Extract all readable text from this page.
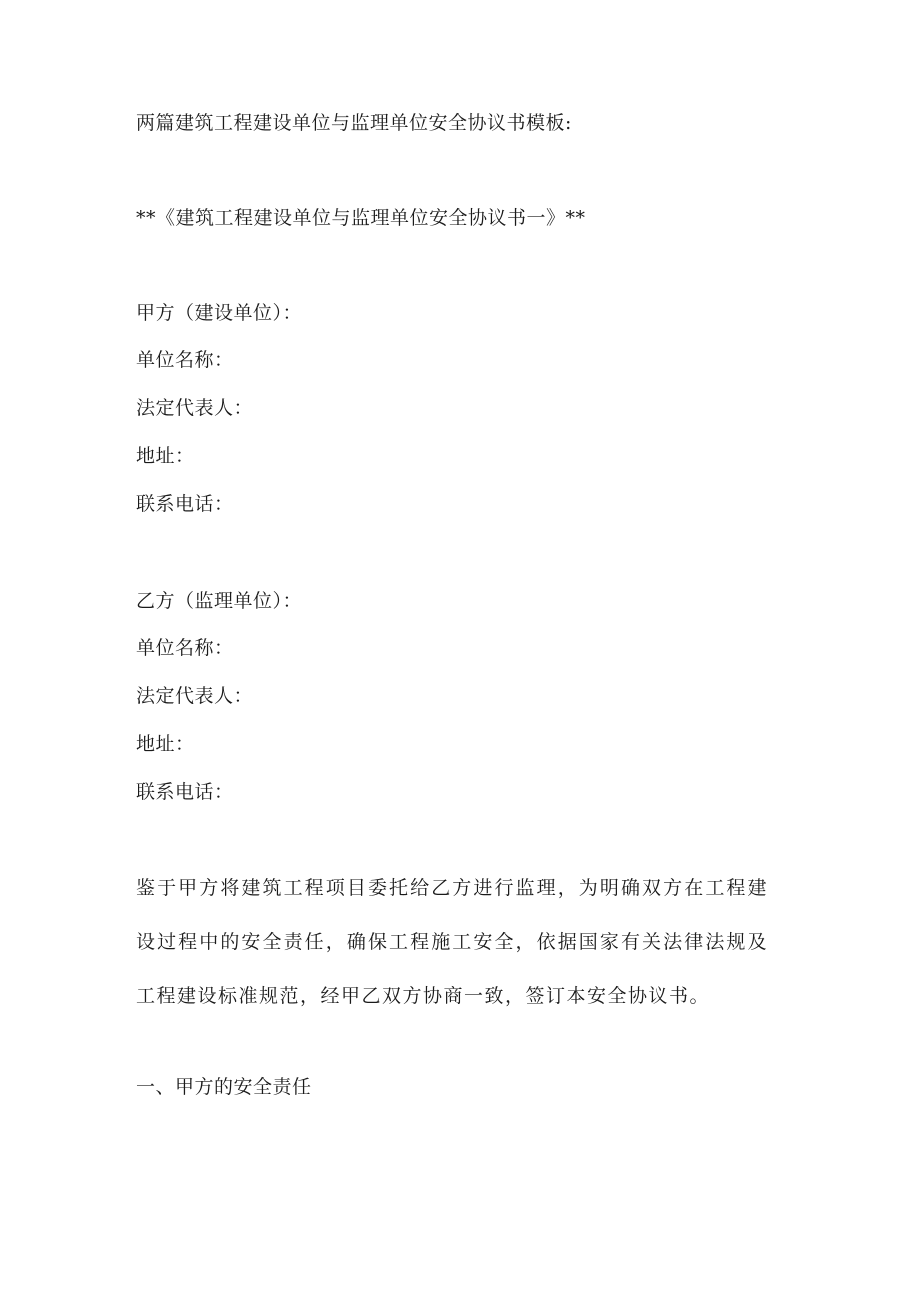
两篇建筑工程建设单位与监理单位安全协议书模板:
**《建筑工程建设单位与监理单位安全协议书一》**
甲方（建设单位）：
单位名称：
法定代表人：
地址：
联系电话：
乙方（监理单位）：
单位名称：
法定代表人：
地址：
联系电话：
鉴于甲方将建筑工程项目委托给乙方进行监理，为明确双方在工程建设过程中的安全责任，确保工程施工安全，依据国家有关法律法规及工程建设标准规范，经甲乙双方协商一致，签订本安全协议书。
一、甲方的安全责任
